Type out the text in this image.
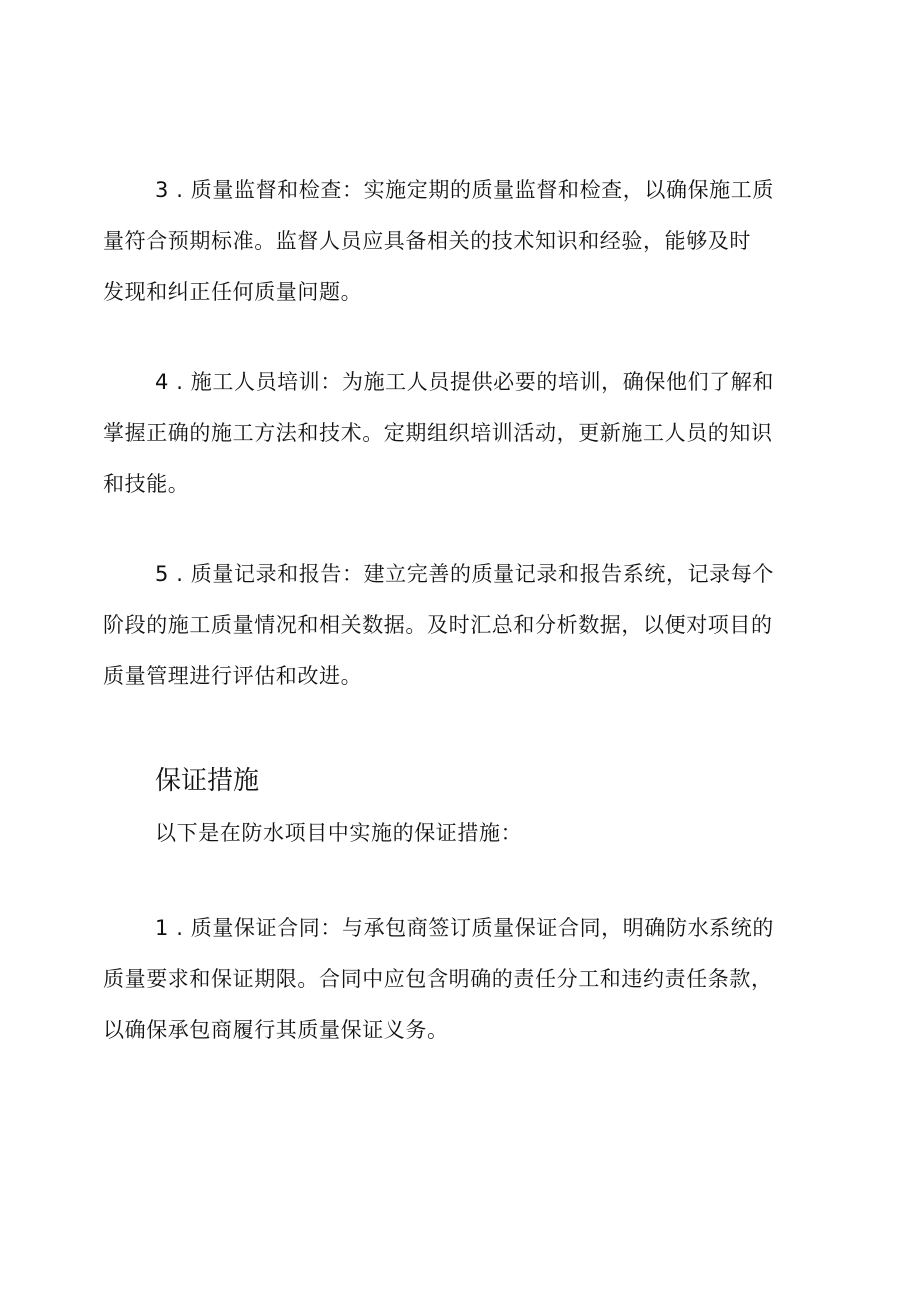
3 . 质量监督和检查：实施定期的质量监督和检查，以确保施工质
量符合预期标准。监督人员应具备相关的技术知识和经验，能够及时
发现和纠正任何质量问题。

4 . 施工人员培训：为施工人员提供必要的培训，确保他们了解和
掌握正确的施工方法和技术。定期组织培训活动，更新施工人员的知识
和技能。

5 . 质量记录和报告：建立完善的质量记录和报告系统，记录每个
阶段的施工质量情况和相关数据。及时汇总和分析数据，以便对项目的
质量管理进行评估和改进。

保证措施

以下是在防水项目中实施的保证措施：

1 . 质量保证合同：与承包商签订质量保证合同，明确防水系统的
质量要求和保证期限。合同中应包含明确的责任分工和违约责任条款，
以确保承包商履行其质量保证义务。
